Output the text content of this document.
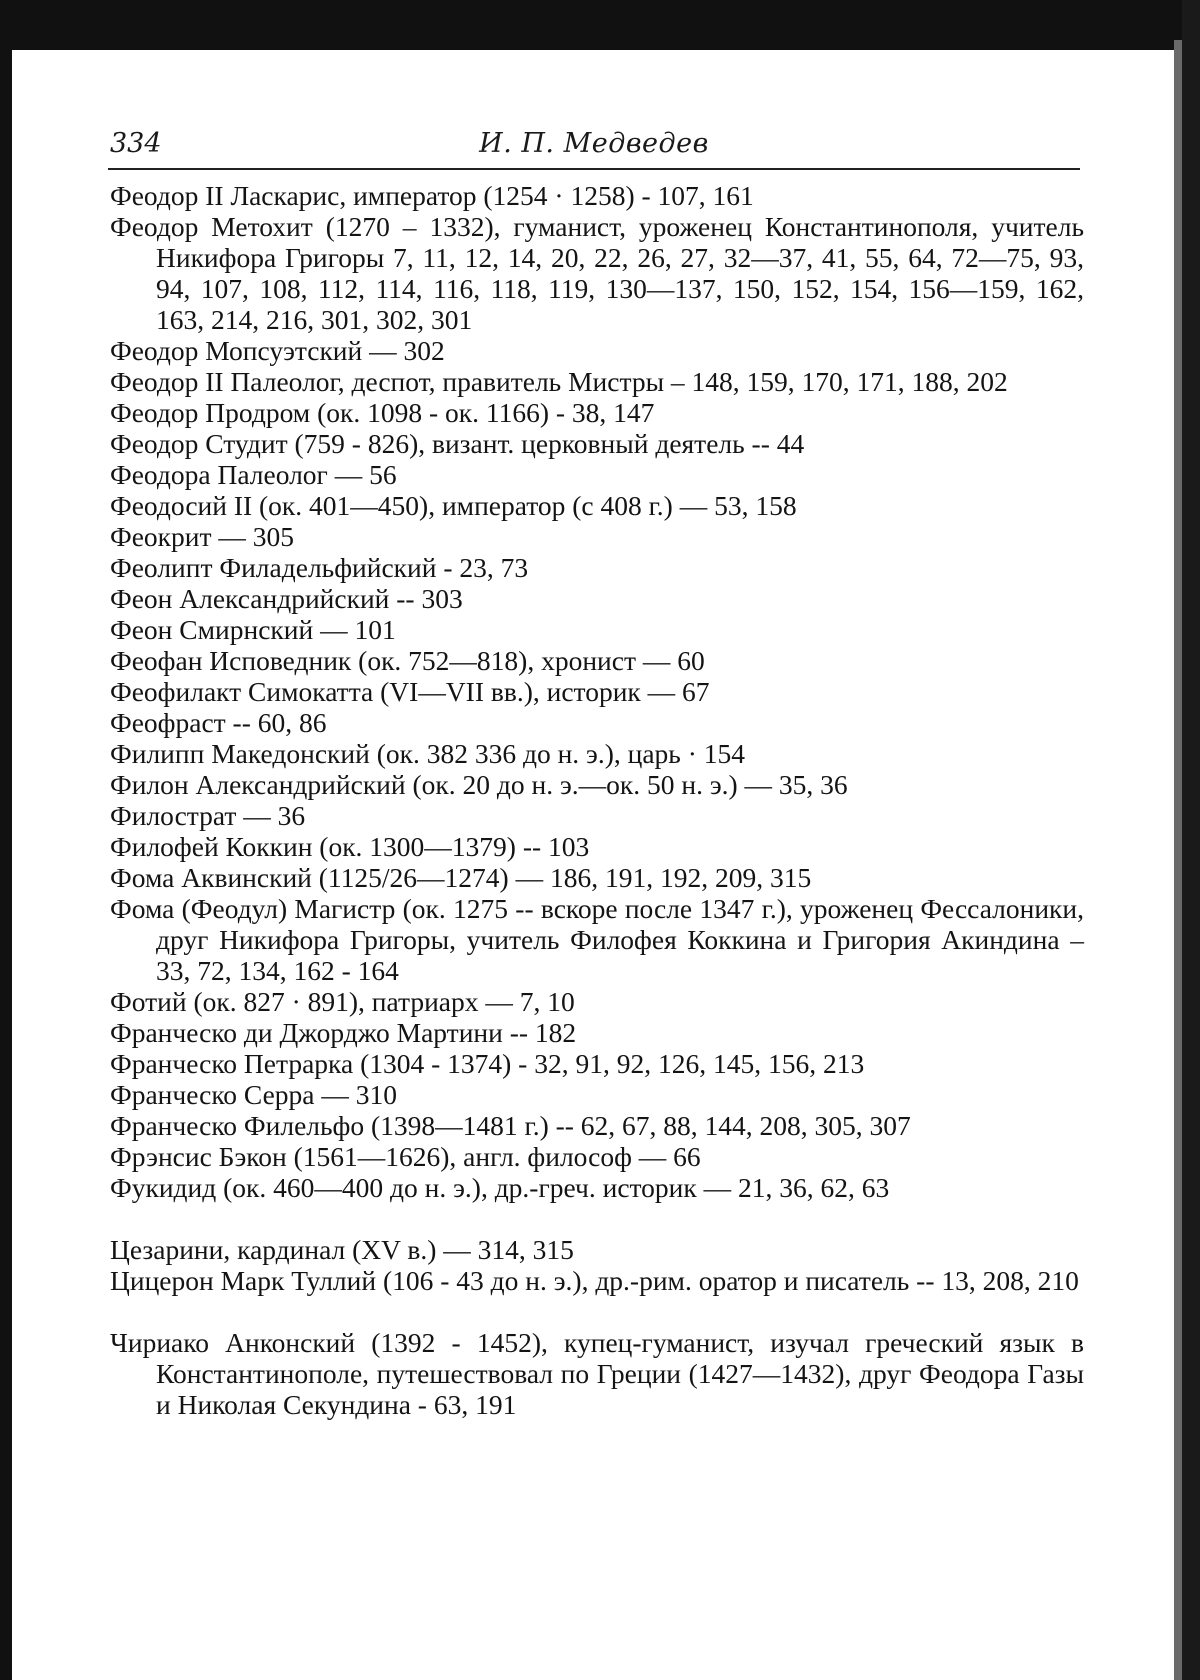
334	И. П. Медведев

Феодор II Ласкарис, император (1254 · 1258) - 107, 161

Феодор Метохит (1270 – 1332), гуманист, уроженец Константинополя, учитель Никифора Григоры 7, 11, 12, 14, 20, 22, 26, 27, 32—37, 41, 55, 64, 72—75, 93, 94, 107, 108, 112, 114, 116, 118, 119, 130—137, 150, 152, 154, 156—159, 162, 163, 214, 216, 301, 302, 301

Феодор Мопсуэтский — 302

Феодор II Палеолог, деспот, правитель Мистры – 148, 159, 170, 171, 188, 202

Феодор Продром (ок. 1098 - ок. 1166) - 38, 147

Феодор Студит (759 - 826), визант. церковный деятель -- 44

Феодора Палеолог — 56

Феодосий II (ок. 401—450), император (с 408 г.) — 53, 158

Феокрит — 305

Феолипт Филадельфийский - 23, 73

Феон Александрийский -- 303

Феон Смирнский — 101

Феофан Исповедник (ок. 752—818), хронист — 60

Феофилакт Симокатта (VI—VII вв.), историк — 67

Феофраст -- 60, 86

Филипп Македонский (ок. 382 336 до н. э.), царь · 154

Филон Александрийский (ок. 20 до н. э.—ок. 50 н. э.) — 35, 36

Филострат — 36

Филофей Коккин (ок. 1300—1379) -- 103

Фома Аквинский (1125/26—1274) — 186, 191, 192, 209, 315

Фома (Феодул) Магистр (ок. 1275 -- вскоре после 1347 г.), уроженец Фессалоники, друг Никифора Григоры, учитель Филофея Коккина и Григория Акиндина – 33, 72, 134, 162 - 164

Фотий (ок. 827 · 891), патриарх — 7, 10

Франческо ди Джорджо Мартини -- 182

Франческо Петрарка (1304 - 1374) - 32, 91, 92, 126, 145, 156, 213

Франческо Серра — 310

Франческо Филельфо (1398—1481 г.) -- 62, 67, 88, 144, 208, 305, 307

Фрэнсис Бэкон (1561—1626), англ. философ — 66

Фукидид (ок. 460—400 до н. э.), др.-греч. историк — 21, 36, 62, 63

Цезарини, кардинал (XV в.) — 314, 315

Цицерон Марк Туллий (106 - 43 до н. э.), др.-рим. оратор и писатель -- 13, 208, 210

Чириако Анконский (1392 - 1452), купец-гуманист, изучал греческий язык в Константинополе, путешествовал по Греции (1427—1432), друг Феодора Газы и Николая Секундина - 63, 191
